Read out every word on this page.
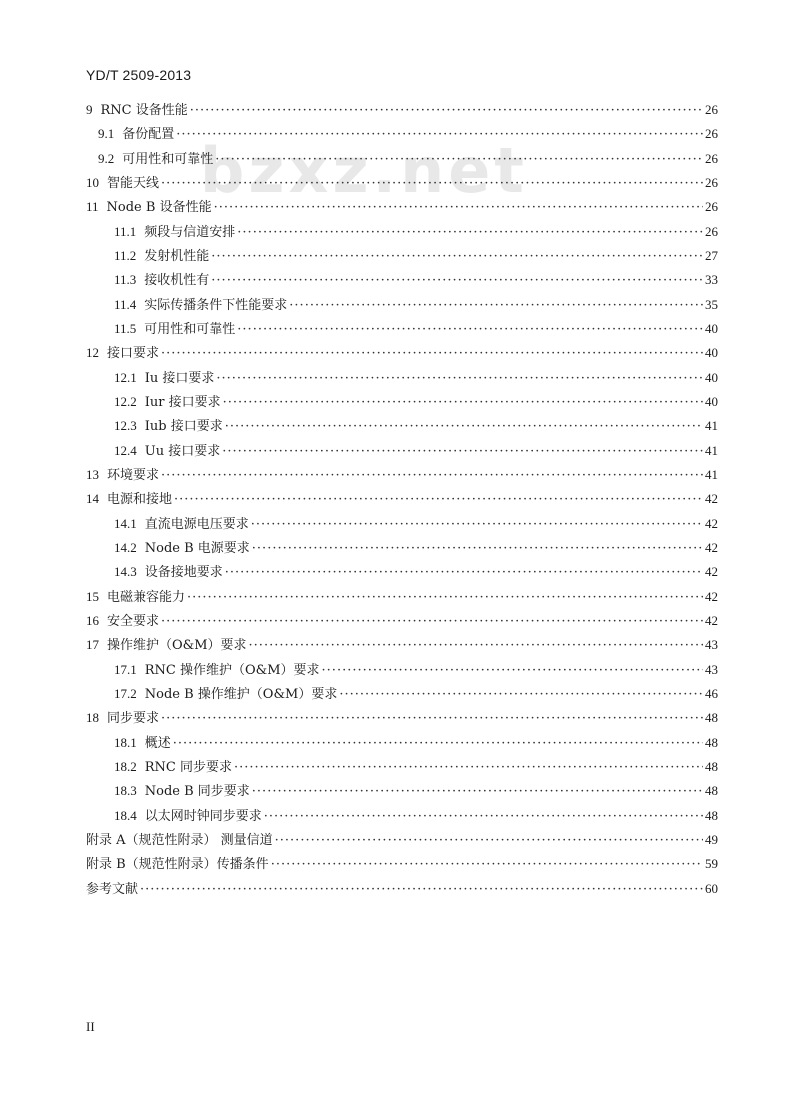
YD/T 2509-2013
bzxz.net
9 RNC 设备性能 ·····	26
9.1 备份配置 ·····	26
9.2 可用性和可靠性 ·····	26
10 智能天线 ·····	26
11 Node B 设备性能 ·····	26
11.1 频段与信道安排 ·····	26
11.2 发射机性能 ·····	27
11.3 接收机性有 ·····	33
11.4 实际传播条件下性能要求 ·····	35
11.5 可用性和可靠性 ·····	40
12 接口要求 ·····	40
12.1 Iu 接口要求 ·····	40
12.2 Iur 接口要求 ·····	40
12.3 Iub 接口要求 ·····	41
12.4 Uu 接口要求 ·····	41
13 环境要求 ·····	41
14 电源和接地 ·····	42
14.1 直流电源电压要求 ·····	42
14.2 Node B 电源要求 ·····	42
14.3 设备接地要求 ·····	42
15 电磁兼容能力 ·····	42
16 安全要求 ·····	42
17 操作维护（O&M）要求 ·····	43
17.1 RNC 操作维护（O&M）要求 ·····	43
17.2 Node B 操作维护（O&M）要求 ·····	46
18 同步要求 ·····	48
18.1 概述 ·····	48
18.2 RNC 同步要求 ·····	48
18.3 Node B 同步要求 ·····	48
18.4 以太网时钟同步要求 ·····	48
附录 A（规范性附录） 测量信道 ·····	49
附录 B（规范性附录）传播条件 ·····	59
参考文献 ·····	60
II
